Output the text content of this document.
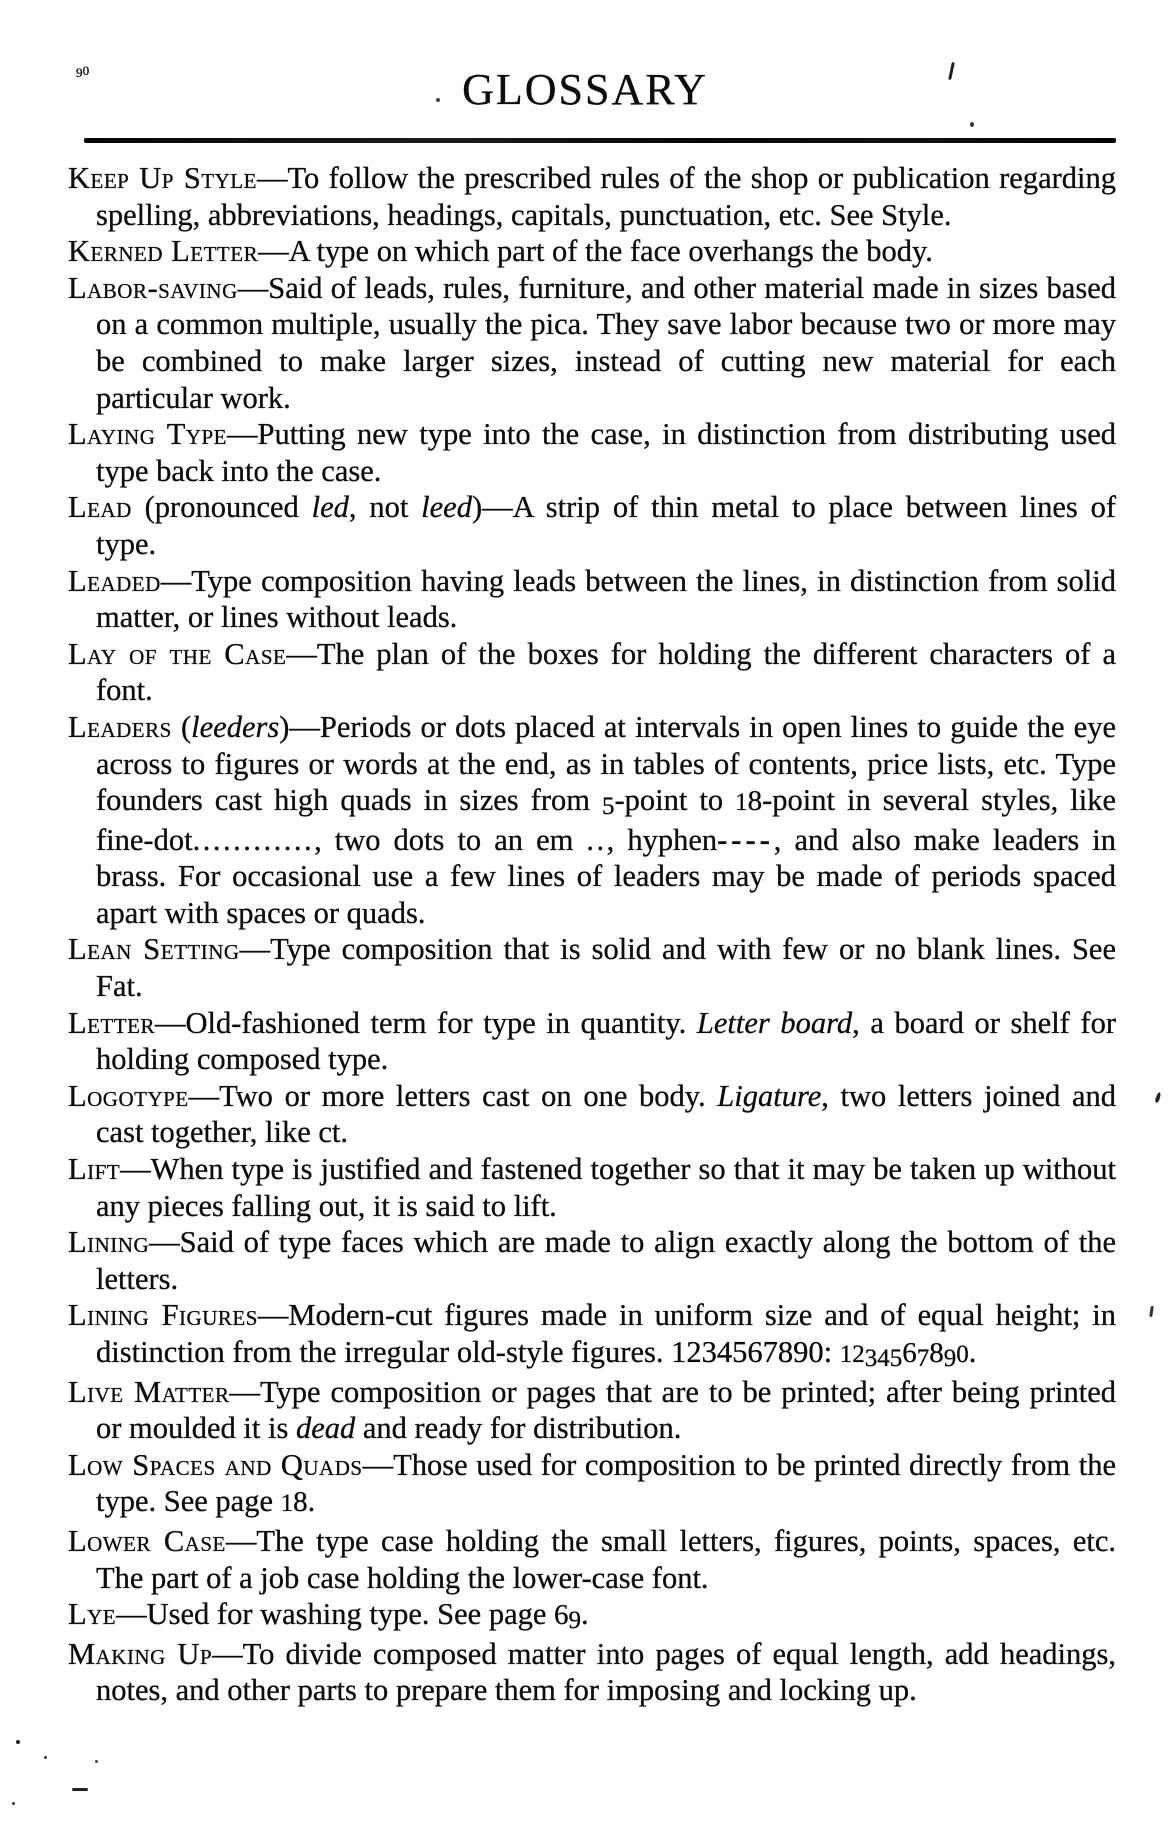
90	GLOSSARY

Keep Up Style—To follow the prescribed rules of the shop or publication regarding spelling, abbreviations, headings, capitals, punctuation, etc. See Style.

Kerned Letter—A type on which part of the face overhangs the body.

Labor-saving—Said of leads, rules, furniture, and other material made in sizes based on a common multiple, usually the pica. They save labor because two or more may be combined to make larger sizes, instead of cutting new material for each particular work.

Laying Type—Putting new type into the case, in distinction from distributing used type back into the case.

Lead (pronounced led, not leed)—A strip of thin metal to place between lines of type.

Leaded—Type composition having leads between the lines, in distinction from solid matter, or lines without leads.

Lay of the Case—The plan of the boxes for holding the different characters of a font.

Leaders (leeders)—Periods or dots placed at intervals in open lines to guide the eye across to figures or words at the end, as in tables of contents, price lists, etc. Type founders cast high quads in sizes from 5-point to 18-point in several styles, like fine-dot............, two dots to an em .., hyphen----, and also make leaders in brass. For occasional use a few lines of leaders may be made of periods spaced apart with spaces or quads.

Lean Setting—Type composition that is solid and with few or no blank lines. See Fat.

Letter—Old-fashioned term for type in quantity. Letter board, a board or shelf for holding composed type.

Logotype—Two or more letters cast on one body. Ligature, two letters joined and cast together, like ct.

Lift—When type is justified and fastened together so that it may be taken up without any pieces falling out, it is said to lift.

Lining—Said of type faces which are made to align exactly along the bottom of the letters.

Lining Figures—Modern-cut figures made in uniform size and of equal height; in distinction from the irregular old-style figures. 1234567890: 1234567890.

Live Matter—Type composition or pages that are to be printed; after being printed or moulded it is dead and ready for distribution.

Low Spaces and Quads—Those used for composition to be printed directly from the type. See page 18.

Lower Case—The type case holding the small letters, figures, points, spaces, etc. The part of a job case holding the lower-case font.

Lye—Used for washing type. See page 69.

Making Up—To divide composed matter into pages of equal length, add headings, notes, and other parts to prepare them for imposing and locking up.
